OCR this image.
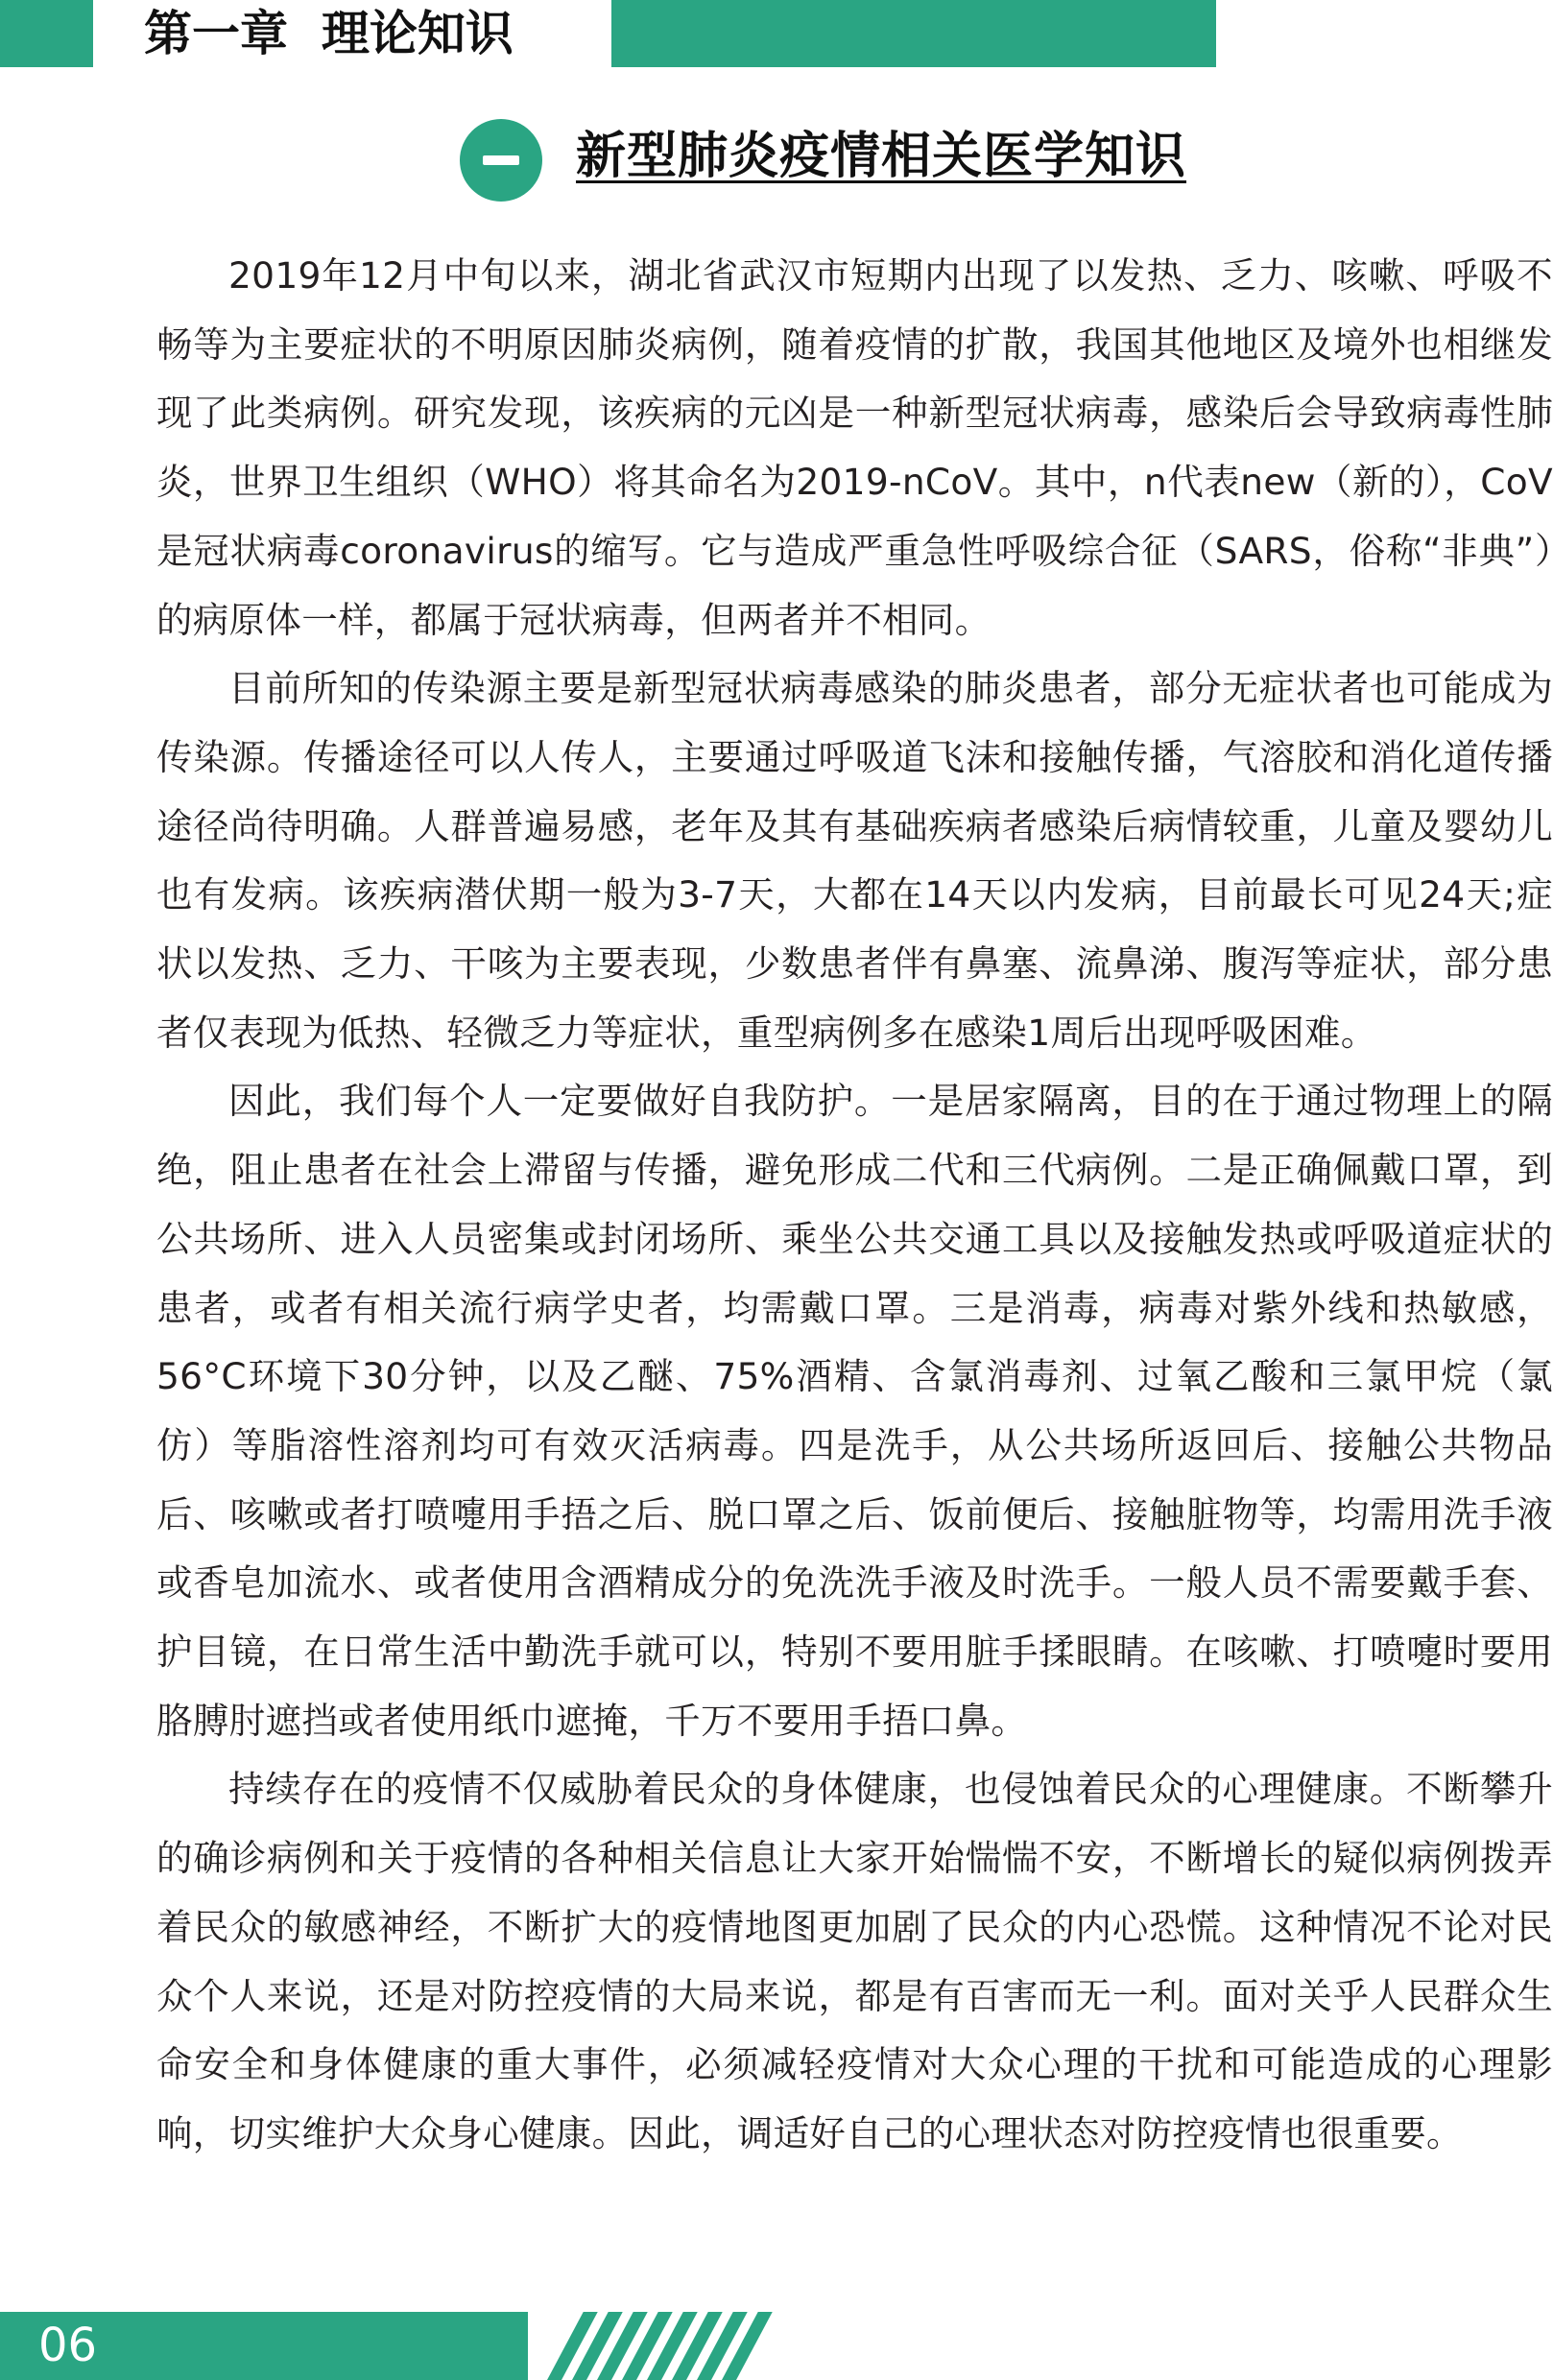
第一章  理论知识
新型肺炎疫情相关医学知识

2019年12月中旬以来，湖北省武汉市短期内出现了以发热、乏力、咳嗽、呼吸不畅等为主要症状的不明原因肺炎病例，随着疫情的扩散，我国其他地区及境外也相继发现了此类病例。研究发现，该疾病的元凶是一种新型冠状病毒，感染后会导致病毒性肺炎，世界卫生组织（WHO）将其命名为2019-nCoV。其中，n代表new（新的），CoV是冠状病毒coronavirus的缩写。它与造成严重急性呼吸综合征（SARS，俗称“非典”）的病原体一样，都属于冠状病毒，但两者并不相同。

目前所知的传染源主要是新型冠状病毒感染的肺炎患者，部分无症状者也可能成为传染源。传播途径可以人传人，主要通过呼吸道飞沫和接触传播，气溶胶和消化道传播途径尚待明确。人群普遍易感，老年及其有基础疾病者感染后病情较重，儿童及婴幼儿也有发病。该疾病潜伏期一般为3-7天，大都在14天以内发病，目前最长可见24天;症状以发热、乏力、干咳为主要表现，少数患者伴有鼻塞、流鼻涕、腹泻等症状，部分患者仅表现为低热、轻微乏力等症状，重型病例多在感染1周后出现呼吸困难。

因此，我们每个人一定要做好自我防护。一是居家隔离，目的在于通过物理上的隔绝，阻止患者在社会上滞留与传播，避免形成二代和三代病例。二是正确佩戴口罩，到公共场所、进入人员密集或封闭场所、乘坐公共交通工具以及接触发热或呼吸道症状的患者，或者有相关流行病学史者，均需戴口罩。三是消毒，病毒对紫外线和热敏感，56°C环境下30分钟，以及乙醚、75%酒精、含氯消毒剂、过氧乙酸和三氯甲烷（氯仿）等脂溶性溶剂均可有效灭活病毒。四是洗手，从公共场所返回后、接触公共物品后、咳嗽或者打喷嚏用手捂之后、脱口罩之后、饭前便后、接触脏物等，均需用洗手液或香皂加流水、或者使用含酒精成分的免洗洗手液及时洗手。一般人员不需要戴手套、护目镜，在日常生活中勤洗手就可以，特别不要用脏手揉眼睛。在咳嗽、打喷嚏时要用胳膊肘遮挡或者使用纸巾遮掩，千万不要用手捂口鼻。

持续存在的疫情不仅威胁着民众的身体健康，也侵蚀着民众的心理健康。不断攀升的确诊病例和关于疫情的各种相关信息让大家开始惴惴不安，不断增长的疑似病例拨弄着民众的敏感神经，不断扩大的疫情地图更加剧了民众的内心恐慌。这种情况不论对民众个人来说，还是对防控疫情的大局来说，都是有百害而无一利。面对关乎人民群众生命安全和身体健康的重大事件，必须减轻疫情对大众心理的干扰和可能造成的心理影响，切实维护大众身心健康。因此，调适好自己的心理状态对防控疫情也很重要。

06
